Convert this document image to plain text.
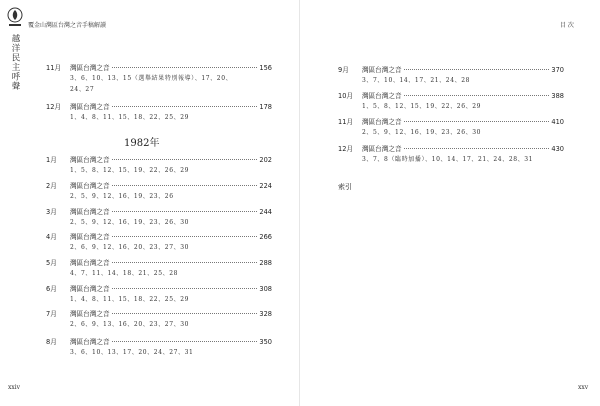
越洋民主呼聲
覆金山灣區台灣之音手稿解讀	目 次
11月	灣區台灣之音	156
3、6、10、13、15（選舉結果特別報導）、17、20、
24、27
12月	灣區台灣之音	178
1、4、8、11、15、18、22、25、29
1982年
1月	灣區台灣之音	202
1、5、8、12、15、19、22、26、29
2月	灣區台灣之音	224
2、5、9、12、16、19、23、26
3月	灣區台灣之音	244
2、5、9、12、16、19、23、26、30
4月	灣區台灣之音	266
2、6、9、12、16、20、23、27、30
5月	灣區台灣之音	288
4、7、11、14、18、21、25、28
6月	灣區台灣之音	308
1、4、8、11、15、18、22、25、29
7月	灣區台灣之音	328
2、6、9、13、16、20、23、27、30
8月	灣區台灣之音	350
3、6、10、13、17、20、24、27、31
xxiv
9月	灣區台灣之音	370
3、7、10、14、17、21、24、28
10月	灣區台灣之音	388
1、5、8、12、15、19、22、26、29
11月	灣區台灣之音	410
2、5、9、12、16、19、23、26、30
12月	灣區台灣之音	430
3、7、8（臨時加播）、10、14、17、21、24、28、31
索引
xxv
